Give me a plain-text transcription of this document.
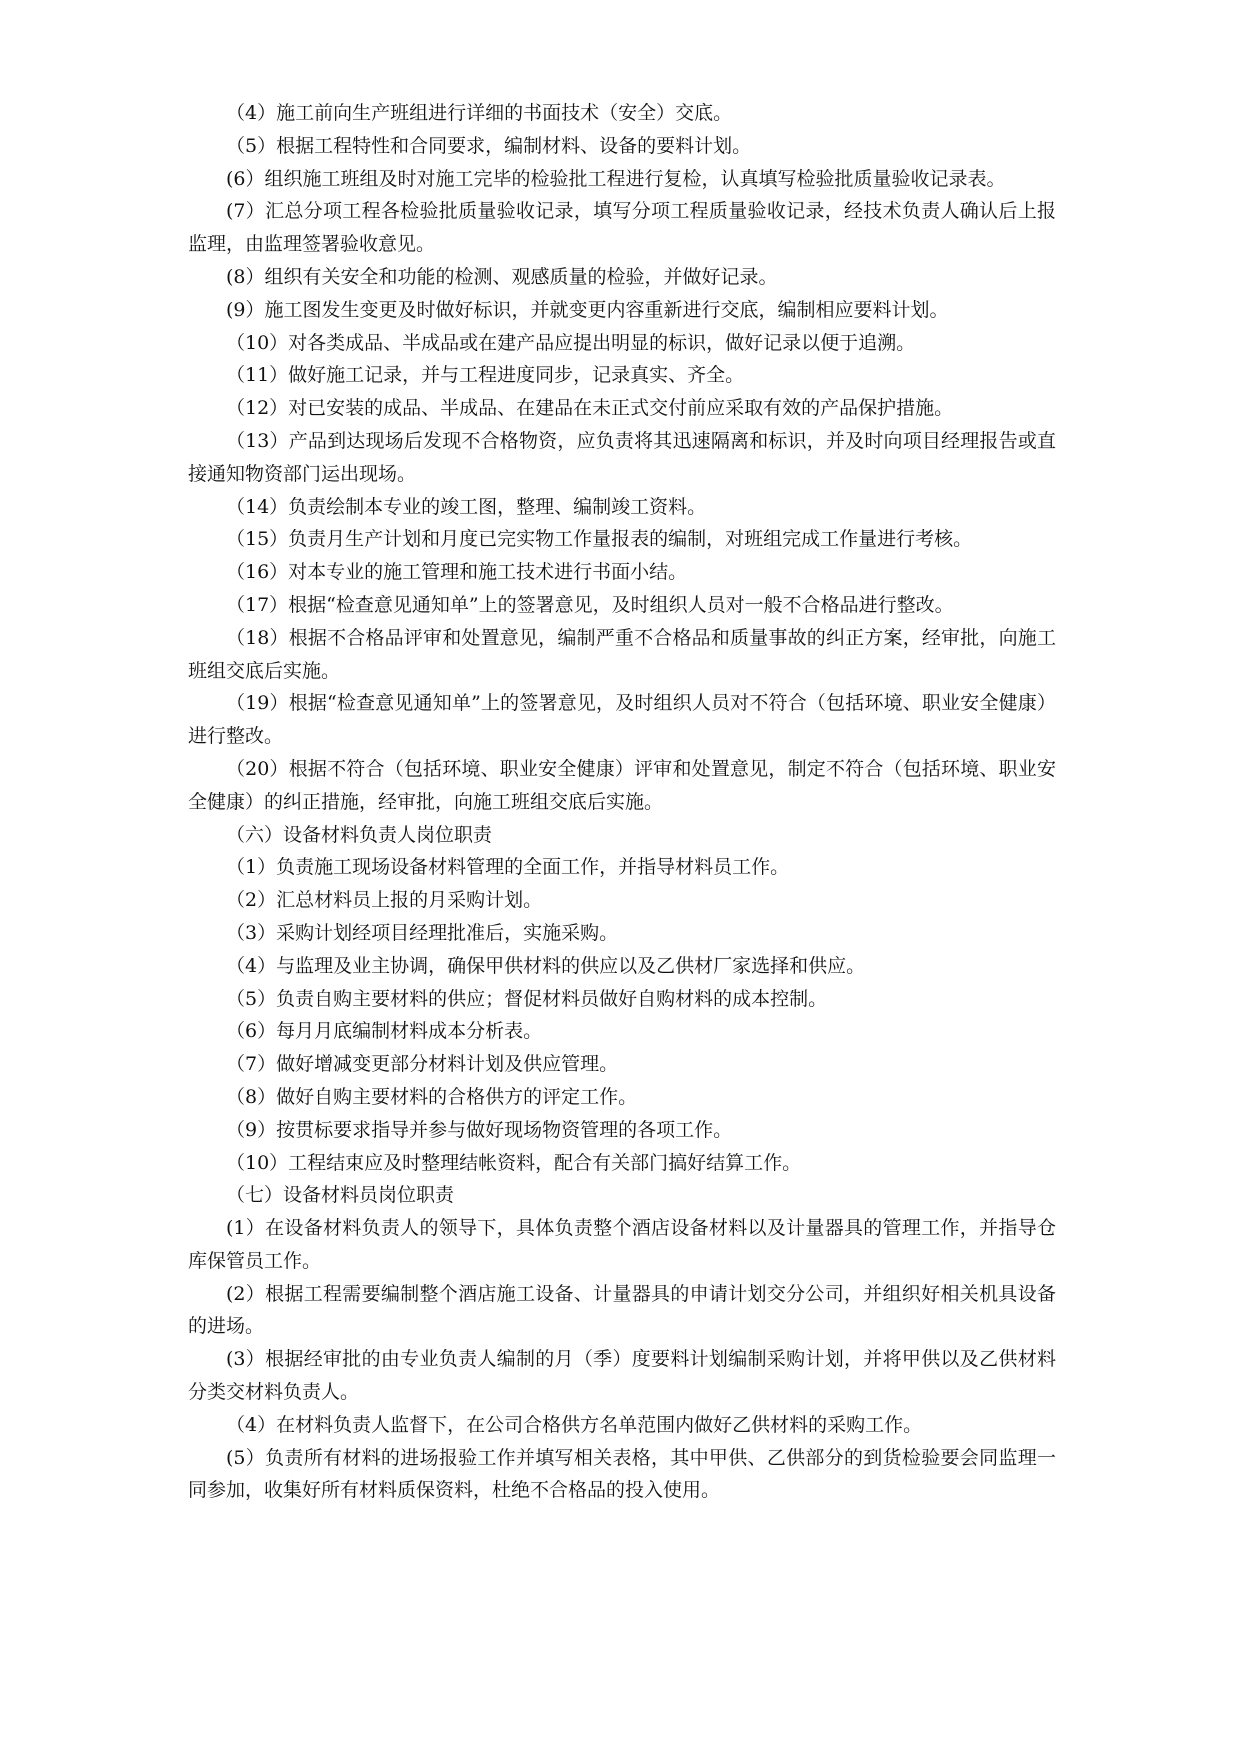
（4）施工前向生产班组进行详细的书面技术（安全）交底。

（5）根据工程特性和合同要求，编制材料、设备的要料计划。

(6）组织施工班组及时对施工完毕的检验批工程进行复检，认真填写检验批质量验收记录表。

(7）汇总分项工程各检验批质量验收记录，填写分项工程质量验收记录，经技术负责人确认后上报监理，由监理签署验收意见。

(8）组织有关安全和功能的检测、观感质量的检验，并做好记录。

(9）施工图发生变更及时做好标识，并就变更内容重新进行交底，编制相应要料计划。

（10）对各类成品、半成品或在建产品应提出明显的标识，做好记录以便于追溯。

（11）做好施工记录，并与工程进度同步，记录真实、齐全。

（12）对已安装的成品、半成品、在建品在未正式交付前应采取有效的产品保护措施。

（13）产品到达现场后发现不合格物资，应负责将其迅速隔离和标识，并及时向项目经理报告或直接通知物资部门运出现场。

（14）负责绘制本专业的竣工图，整理、编制竣工资料。

（15）负责月生产计划和月度已完实物工作量报表的编制，对班组完成工作量进行考核。

（16）对本专业的施工管理和施工技术进行书面小结。

（17）根据“检查意见通知单”上的签署意见，及时组织人员对一般不合格品进行整改。

（18）根据不合格品评审和处置意见，编制严重不合格品和质量事故的纠正方案，经审批，向施工班组交底后实施。

（19）根据“检查意见通知单”上的签署意见，及时组织人员对不符合（包括环境、职业安全健康）进行整改。

（20）根据不符合（包括环境、职业安全健康）评审和处置意见，制定不符合（包括环境、职业安全健康）的纠正措施，经审批，向施工班组交底后实施。

（六）设备材料负责人岗位职责

（1）负责施工现场设备材料管理的全面工作，并指导材料员工作。

（2）汇总材料员上报的月采购计划。

（3）采购计划经项目经理批准后，实施采购。

（4）与监理及业主协调，确保甲供材料的供应以及乙供材厂家选择和供应。

（5）负责自购主要材料的供应；督促材料员做好自购材料的成本控制。

（6）每月月底编制材料成本分析表。

（7）做好增减变更部分材料计划及供应管理。

（8）做好自购主要材料的合格供方的评定工作。

（9）按贯标要求指导并参与做好现场物资管理的各项工作。

（10）工程结束应及时整理结帐资料，配合有关部门搞好结算工作。

（七）设备材料员岗位职责

(1）在设备材料负责人的领导下，具体负责整个酒店设备材料以及计量器具的管理工作，并指导仓库保管员工作。

(2）根据工程需要编制整个酒店施工设备、计量器具的申请计划交分公司，并组织好相关机具设备的进场。

(3）根据经审批的由专业负责人编制的月（季）度要料计划编制采购计划，并将甲供以及乙供材料分类交材料负责人。

（4）在材料负责人监督下，在公司合格供方名单范围内做好乙供材料的采购工作。

(5）负责所有材料的进场报验工作并填写相关表格，其中甲供、乙供部分的到货检验要会同监理一同参加，收集好所有材料质保资料，杜绝不合格品的投入使用。
